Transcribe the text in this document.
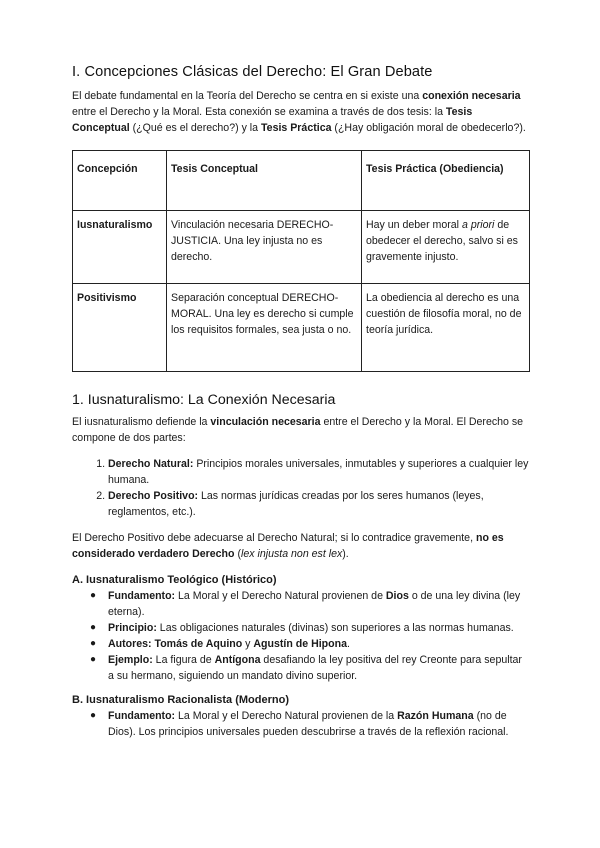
I. Concepciones Clásicas del Derecho: El Gran Debate

El debate fundamental en la Teoría del Derecho se centra en si existe una conexión necesaria entre el Derecho y la Moral. Esta conexión se examina a través de dos tesis: la Tesis Conceptual (¿Qué es el derecho?) y la Tesis Práctica (¿Hay obligación moral de obedecerlo?).

Concepción	Tesis Conceptual	Tesis Práctica (Obediencia)
Iusnaturalismo	Vinculación necesaria DERECHO-JUSTICIA. Una ley injusta no es derecho.	Hay un deber moral a priori de obedecer el derecho, salvo si es gravemente injusto.
Positivismo	Separación conceptual DERECHO-MORAL. Una ley es derecho si cumple los requisitos formales, sea justa o no.	La obediencia al derecho es una cuestión de filosofía moral, no de teoría jurídica.
1. Iusnaturalismo: La Conexión Necesaria

El iusnaturalismo defiende la vinculación necesaria entre el Derecho y la Moral. El Derecho se compone de dos partes:

1. Derecho Natural: Principios morales universales, inmutables y superiores a cualquier ley humana.
2. Derecho Positivo: Las normas jurídicas creadas por los seres humanos (leyes, reglamentos, etc.).

El Derecho Positivo debe adecuarse al Derecho Natural; si lo contradice gravemente, no es considerado verdadero Derecho (lex injusta non est lex).

A. Iusnaturalismo Teológico (Histórico)
● Fundamento: La Moral y el Derecho Natural provienen de Dios o de una ley divina (ley eterna).
● Principio: Las obligaciones naturales (divinas) son superiores a las normas humanas.
● Autores: Tomás de Aquino y Agustín de Hipona.
● Ejemplo: La figura de Antígona desafiando la ley positiva del rey Creonte para sepultar a su hermano, siguiendo un mandato divino superior.
B. Iusnaturalismo Racionalista (Moderno)
● Fundamento: La Moral y el Derecho Natural provienen de la Razón Humana (no de Dios). Los principios universales pueden descubrirse a través de la reflexión racional.
